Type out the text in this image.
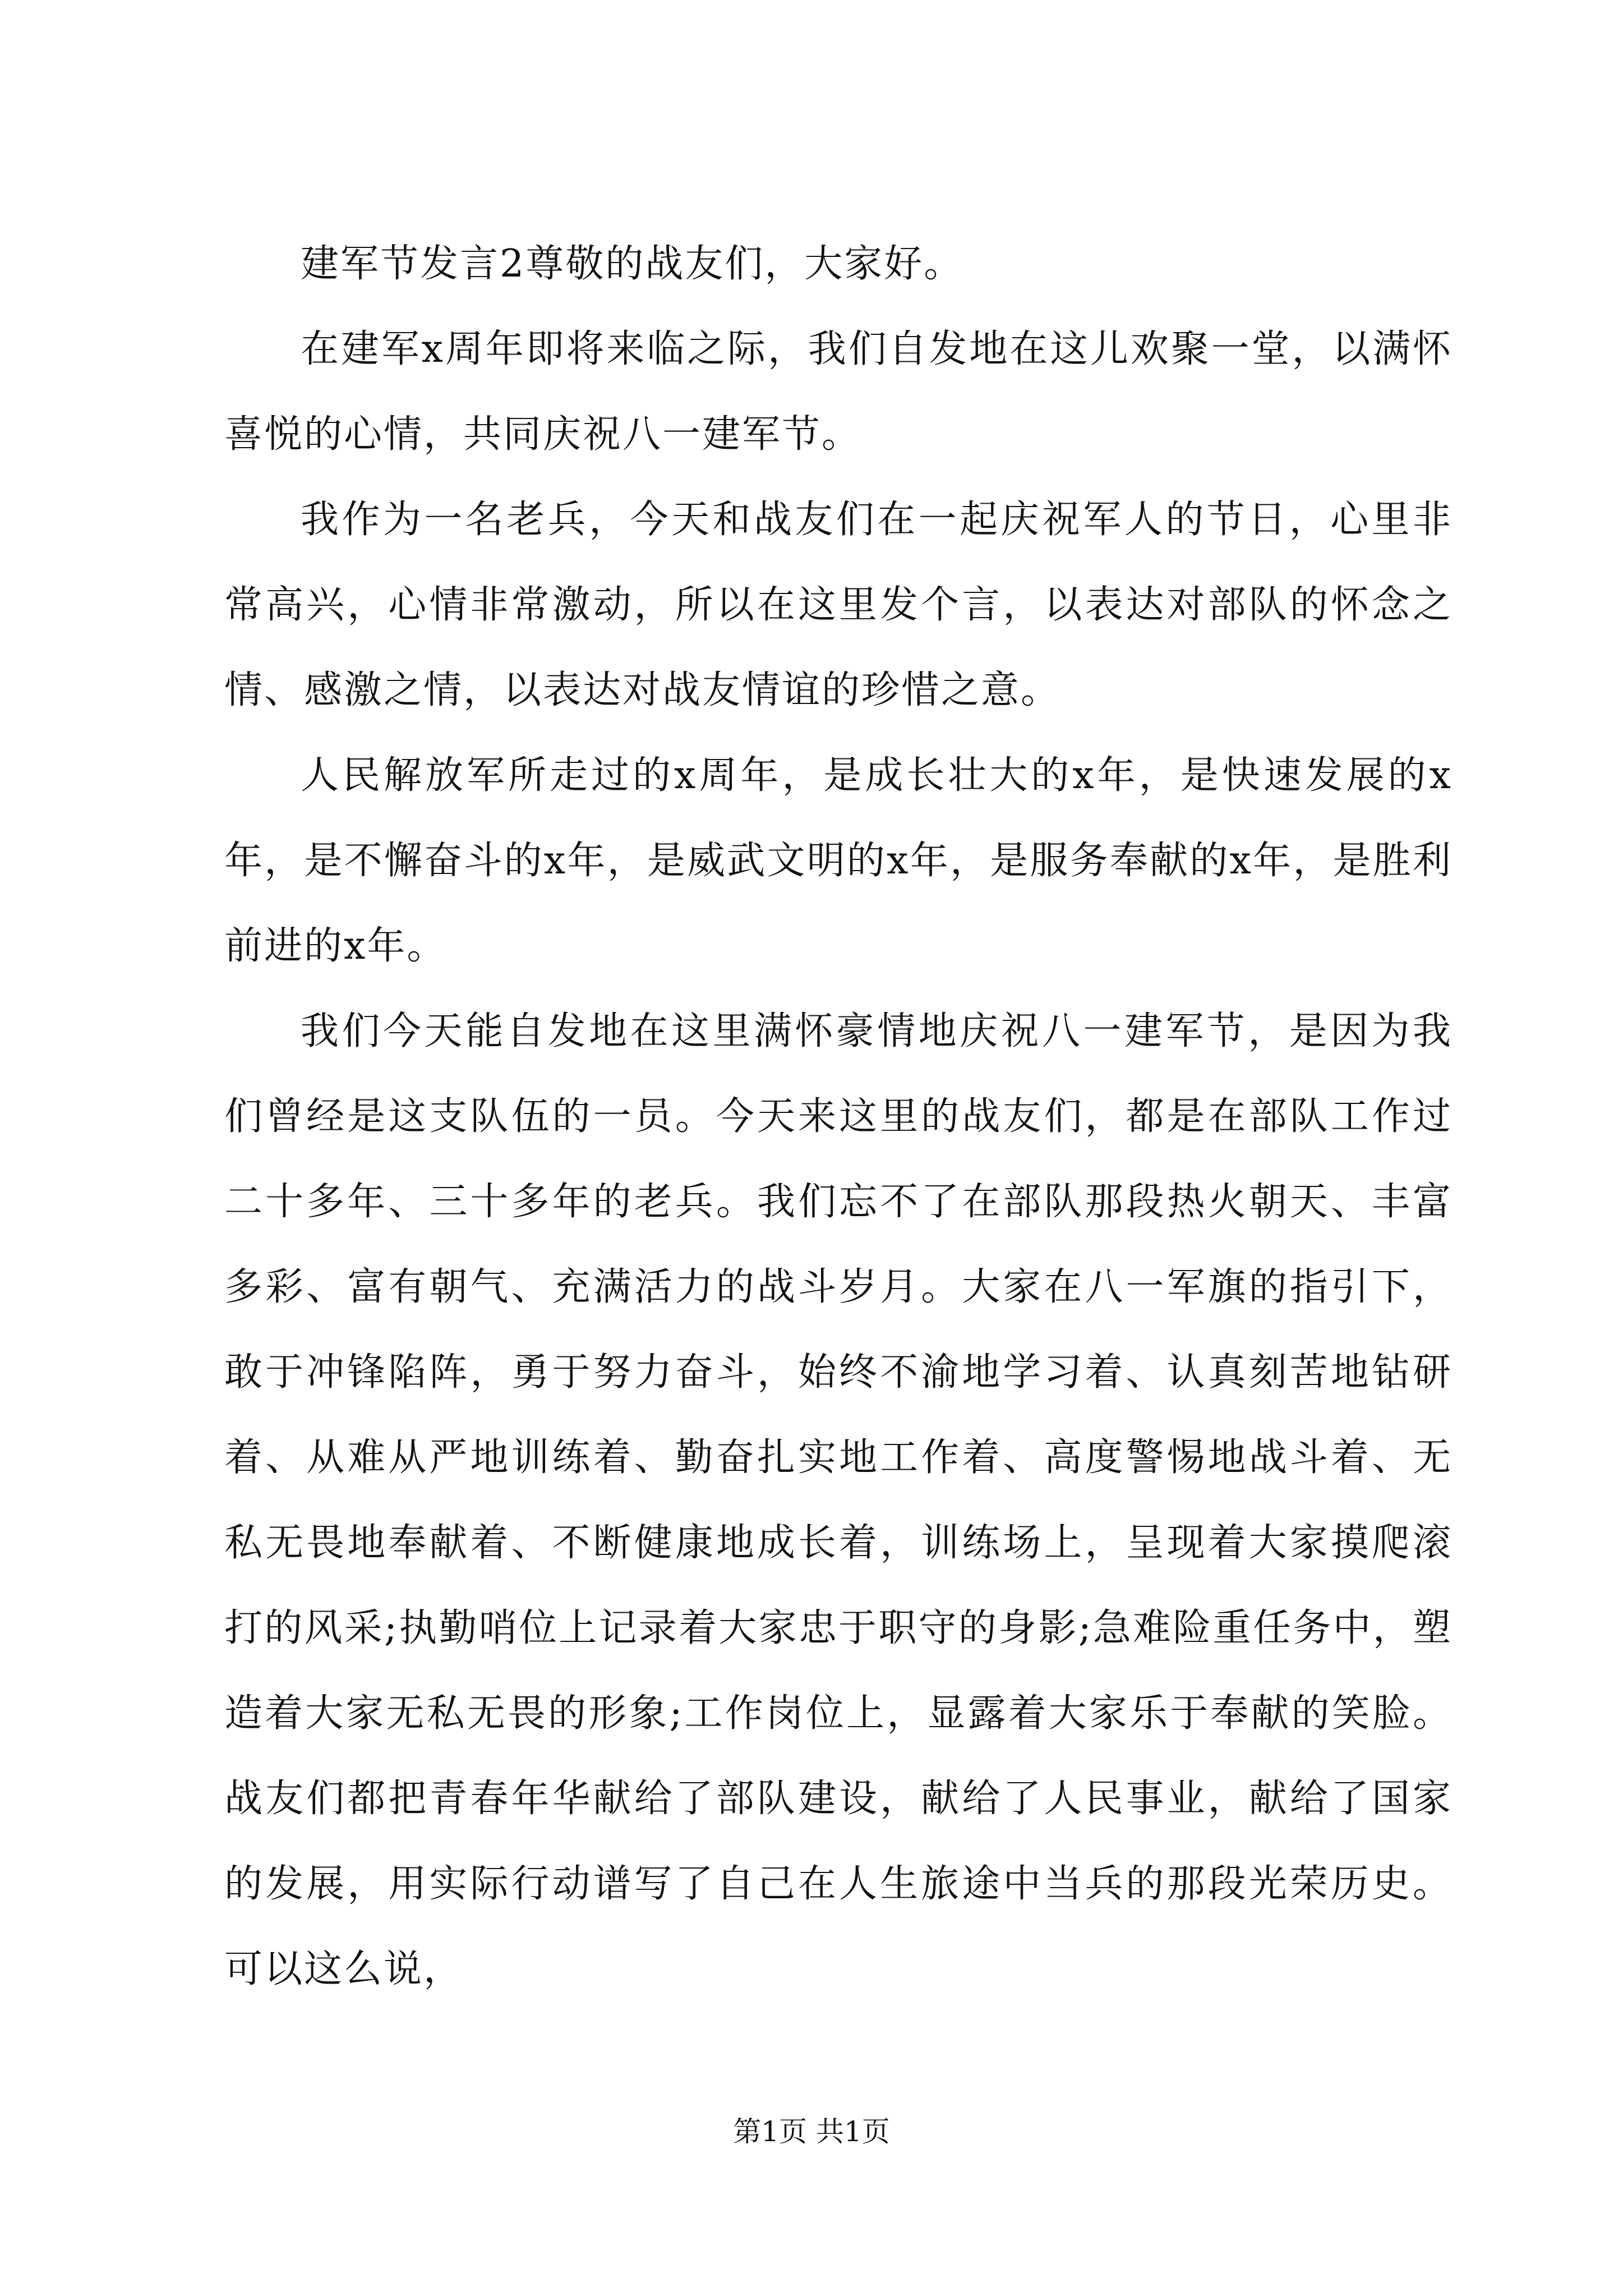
建军节发言2尊敬的战友们，大家好。

在建军x周年即将来临之际，我们自发地在这儿欢聚一堂，以满怀喜悦的心情，共同庆祝八一建军节。

我作为一名老兵，今天和战友们在一起庆祝军人的节日，心里非常高兴，心情非常激动，所以在这里发个言，以表达对部队的怀念之情、感激之情，以表达对战友情谊的珍惜之意。

人民解放军所走过的x周年，是成长壮大的x年，是快速发展的x年，是不懈奋斗的x年，是威武文明的x年，是服务奉献的x年，是胜利前进的x年。

我们今天能自发地在这里满怀豪情地庆祝八一建军节，是因为我们曾经是这支队伍的一员。今天来这里的战友们，都是在部队工作过二十多年、三十多年的老兵。我们忘不了在部队那段热火朝天、丰富多彩、富有朝气、充满活力的战斗岁月。大家在八一军旗的指引下，敢于冲锋陷阵，勇于努力奋斗，始终不渝地学习着、认真刻苦地钻研着、从难从严地训练着、勤奋扎实地工作着、高度警惕地战斗着、无私无畏地奉献着、不断健康地成长着，训练场上，呈现着大家摸爬滚打的风采;执勤哨位上记录着大家忠于职守的身影;急难险重任务中，塑造着大家无私无畏的形象;工作岗位上，显露着大家乐于奉献的笑脸。战友们都把青春年华献给了部队建设，献给了人民事业，献给了国家的发展，用实际行动谱写了自己在人生旅途中当兵的那段光荣历史。可以这么说，

第1页 共1页
